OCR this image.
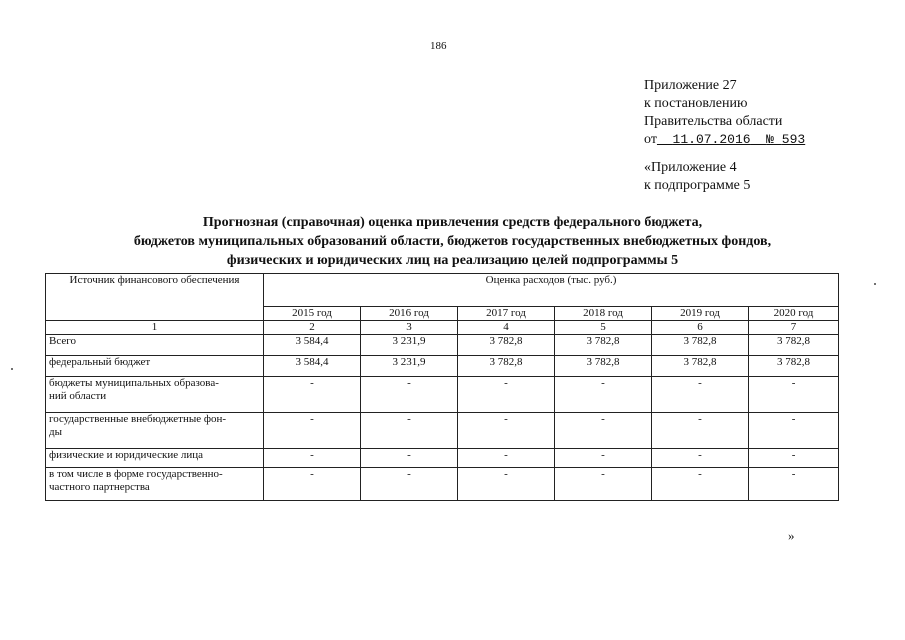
186
Приложение 27
к постановлению
Правительства области
от 11.07.2016 № 593
«Приложение 4
к подпрограмме 5
Прогнозная (справочная) оценка привлечения средств федерального бюджета,
бюджетов муниципальных образований области, бюджетов государственных внебюджетных фондов,
физических и юридических лиц на реализацию целей подпрограммы 5
Источник финансового обеспечения	Оценка расходов (тыс. руб.)					
	2015 год	2016 год	2017 год	2018 год	2019 год	2020 год
1	2	3	4	5	6	7
Всего	3 584,4	3 231,9	3 782,8	3 782,8	3 782,8	3 782,8
федеральный бюджет	3 584,4	3 231,9	3 782,8	3 782,8	3 782,8	3 782,8

бюджеты муниципальных образова-
ний области	-	-	-	-	-	-

государственные внебюджетные фон-
ды	-	-	-	-	-	-
физические и юридические лица	-	-	-	-	-	-

в том числе в форме государственно-
частного партнерства	-	-	-	-	-	-
»
